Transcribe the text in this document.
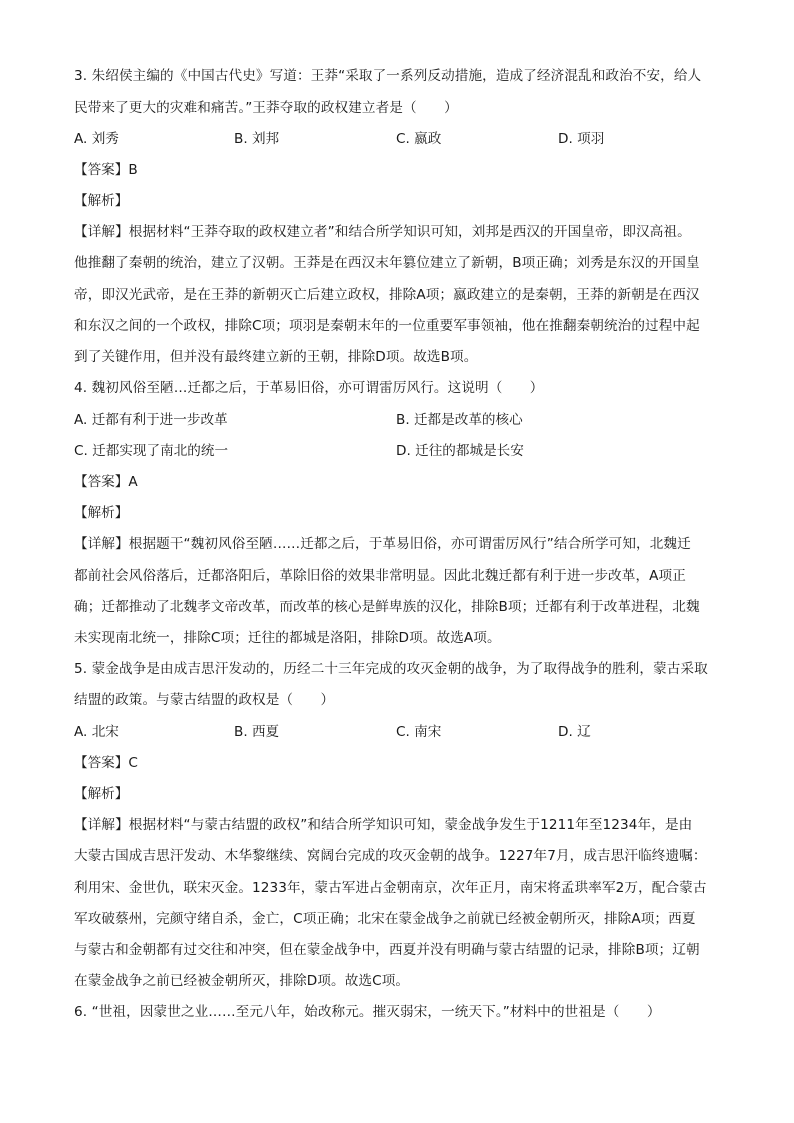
3. 朱绍侯主编的《中国古代史》写道：王莽“采取了一系列反动措施，造成了经济混乱和政治不安，给人
民带来了更大的灾难和痛苦。”王莽夺取的政权建立者是（　　）
A. 刘秀	B. 刘邦	C. 嬴政	D. 项羽
【答案】B
【解析】
【详解】根据材料“王莽夺取的政权建立者”和结合所学知识可知，刘邦是西汉的开国皇帝，即汉高祖。
他推翻了秦朝的统治，建立了汉朝。王莽是在西汉末年篡位建立了新朝，B项正确；刘秀是东汉的开国皇
帝，即汉光武帝，是在王莽的新朝灭亡后建立政权，排除A项；嬴政建立的是秦朝，王莽的新朝是在西汉
和东汉之间的一个政权，排除C项；项羽是秦朝末年的一位重要军事领袖，他在推翻秦朝统治的过程中起
到了关键作用，但并没有最终建立新的王朝，排除D项。故选B项。
4. 魏初风俗至陋…迁都之后，于革易旧俗，亦可谓雷厉风行。这说明（　　）
A. 迁都有利于进一步改革	B. 迁都是改革的核心
C. 迁都实现了南北的统一	D. 迁往的都城是长安
【答案】A
【解析】
【详解】根据题干“魏初风俗至陋……迁都之后，于革易旧俗，亦可谓雷厉风行”结合所学可知，北魏迁
都前社会风俗落后，迁都洛阳后，革除旧俗的效果非常明显。因此北魏迁都有利于进一步改革，A项正
确；迁都推动了北魏孝文帝改革，而改革的核心是鲜卑族的汉化，排除B项；迁都有利于改革进程，北魏
未实现南北统一，排除C项；迁往的都城是洛阳，排除D项。故选A项。
5. 蒙金战争是由成吉思汗发动的，历经二十三年完成的攻灭金朝的战争，为了取得战争的胜利，蒙古采取
结盟的政策。与蒙古结盟的政权是（　　）
A. 北宋	B. 西夏	C. 南宋	D. 辽
【答案】C
【解析】
【详解】根据材料“与蒙古结盟的政权”和结合所学知识可知，蒙金战争发生于1211年至1234年，是由
大蒙古国成吉思汗发动、木华黎继续、窝阔台完成的攻灭金朝的战争。1227年7月，成吉思汗临终遗嘱：
利用宋、金世仇，联宋灭金。1233年，蒙古军进占金朝南京，次年正月，南宋将孟珙率军2万，配合蒙古
军攻破蔡州，完颜守绪自杀，金亡，C项正确；北宋在蒙金战争之前就已经被金朝所灭，排除A项；西夏
与蒙古和金朝都有过交往和冲突，但在蒙金战争中，西夏并没有明确与蒙古结盟的记录，排除B项；辽朝
在蒙金战争之前已经被金朝所灭，排除D项。故选C项。
6. “世祖，因蒙世之业……至元八年，始改称元。摧灭弱宋，一统天下。”材料中的世祖是（　　）
